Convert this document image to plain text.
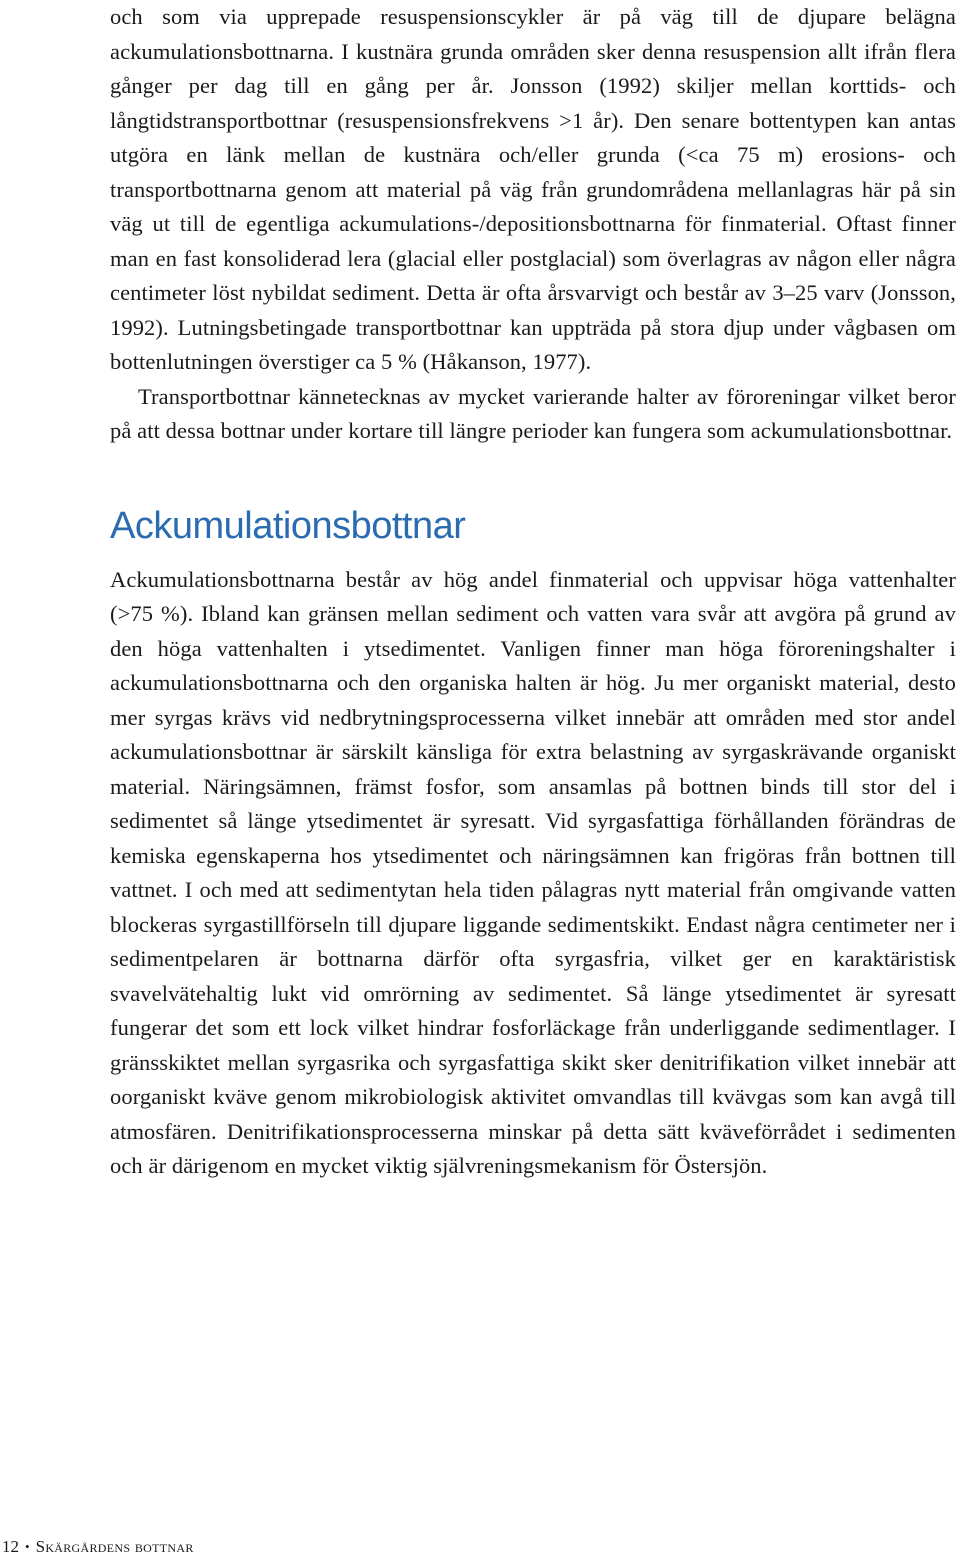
och som via upprepade resuspensionscykler är på väg till de djupare belägna ackumulationsbottnarna. I kustnära grunda områden sker denna resuspension allt ifrån flera gånger per dag till en gång per år. Jonsson (1992) skiljer mellan korttids- och långtidstransportbottnar (resuspensionsfrekvens >1 år). Den senare bottentypen kan antas utgöra en länk mellan de kustnära och/eller grunda (<ca 75 m) erosions- och transportbottnarna genom att material på väg från grundområdena mellanlagras här på sin väg ut till de egentliga ackumulations-/depositionsbottnarna för finmaterial. Oftast finner man en fast konsoliderad lera (glacial eller postglacial) som överlagras av någon eller några centimeter löst nybildat sediment. Detta är ofta årsvarvigt och består av 3–25 varv (Jonsson, 1992). Lutningsbetingade transportbottnar kan uppträda på stora djup under vågbasen om bottenlutningen överstiger ca 5 % (Håkanson, 1977).

Transportbottnar kännetecknas av mycket varierande halter av föroreningar vilket beror på att dessa bottnar under kortare till längre perioder kan fungera som ackumulationsbottnar.

Ackumulationsbottnar

Ackumulationsbottnarna består av hög andel finmaterial och uppvisar höga vattenhalter (>75 %). Ibland kan gränsen mellan sediment och vatten vara svår att avgöra på grund av den höga vattenhalten i ytsedimentet. Vanligen finner man höga föroreningshalter i ackumulationsbottnarna och den organiska halten är hög. Ju mer organiskt material, desto mer syrgas krävs vid nedbrytningsprocesserna vilket innebär att områden med stor andel ackumulationsbottnar är särskilt känsliga för extra belastning av syrgaskrävande organiskt material. Näringsämnen, främst fosfor, som ansamlas på bottnen binds till stor del i sedimentet så länge ytsedimentet är syresatt. Vid syrgasfattiga förhållanden förändras de kemiska egenskaperna hos ytsedimentet och näringsämnen kan frigöras från bottnen till vattnet. I och med att sedimentytan hela tiden pålagras nytt material från omgivande vatten blockeras syrgastillförseln till djupare liggande sedimentskikt. Endast några centimeter ner i sedimentpelaren är bottnarna därför ofta syrgasfria, vilket ger en karaktäristisk svavelvätehaltig lukt vid omrörning av sedimentet. Så länge ytsedimentet är syresatt fungerar det som ett lock vilket hindrar fosforläckage från underliggande sedimentlager. I gränsskiktet mellan syrgasrika och syrgasfattiga skikt sker denitrifikation vilket innebär att oorganiskt kväve genom mikrobiologisk aktivitet omvandlas till kvävgas som kan avgå till atmosfären. Denitrifikationsprocesserna minskar på detta sätt kväveförrådet i sedimenten och är därigenom en mycket viktig självreningsmekanism för Östersjön.

12 • Skärgårdens bottnar
